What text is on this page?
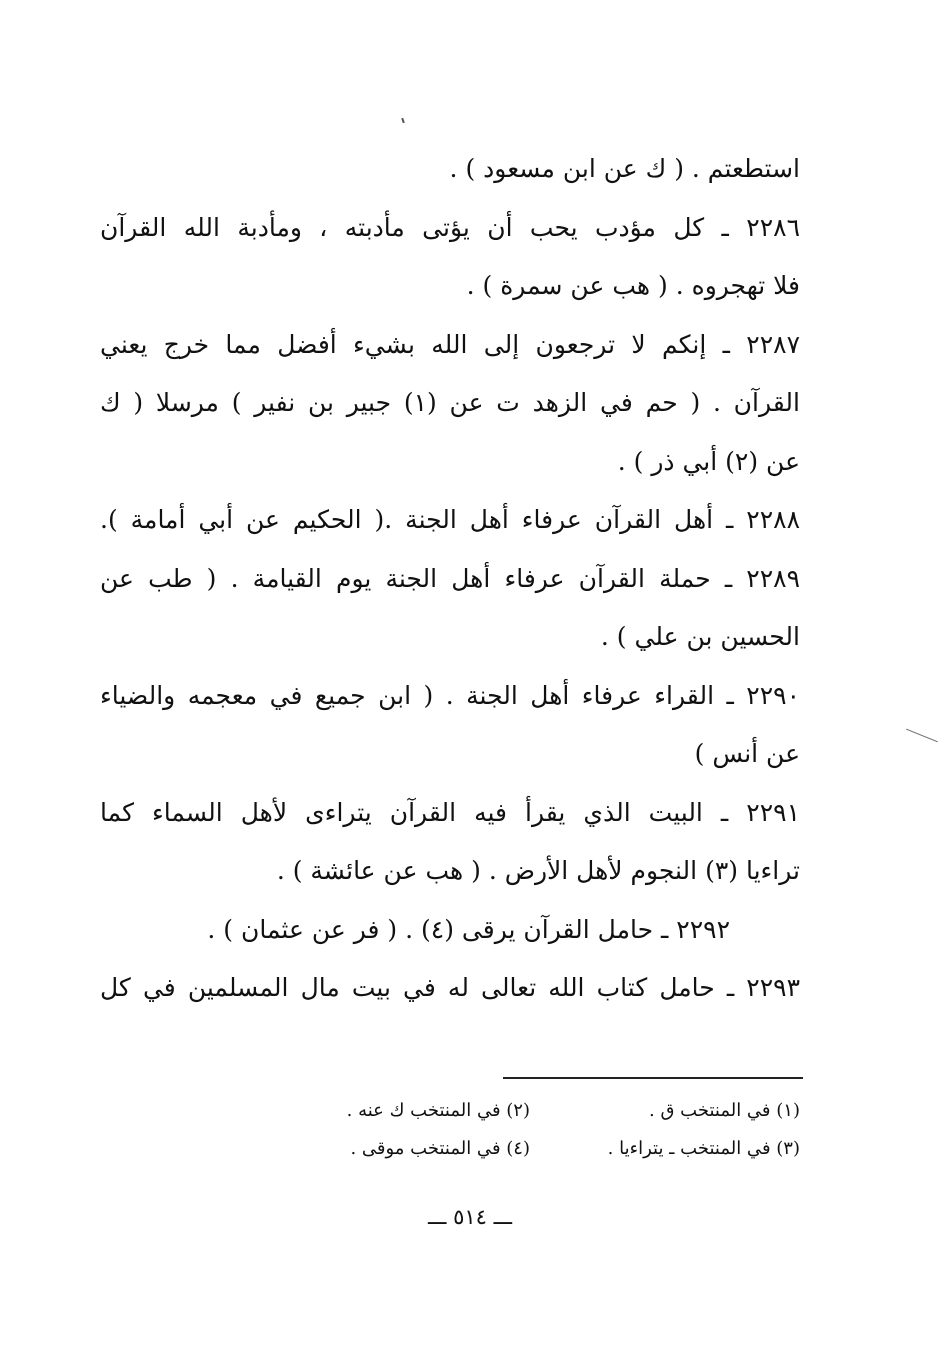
استطعتم . ( ك عن ابن مسعود ) .
٢٢٨٦ ـ كل مؤدب يحب أن يؤتى مأدبته ، ومأدبة الله القرآن
فلا تهجروه . ( هب عن سمرة ) .
٢٢٨٧ ـ إنكم لا ترجعون إلى الله بشيء أفضل مما خرج يعني
القرآن . ( حم في الزهد ت عن (١) جبير بن نفير ) مرسلا ( ك
عن (٢) أبي ذر ) .
٢٢٨٨ ـ أهل القرآن عرفاء أهل الجنة .( الحكيم عن أبي أمامة ).
٢٢٨٩ ـ حملة القرآن عرفاء أهل الجنة يوم القيامة . ( طب عن
الحسين بن علي ) .
٢٢٩٠ ـ القراء عرفاء أهل الجنة . ( ابن جميع في معجمه والضياء
عن أنس )
٢٢٩١ ـ البيت الذي يقرأ فيه القرآن يتراءى لأهل السماء كما
تراءيا (٣) النجوم لأهل الأرض . ( هب عن عائشة ) .
٢٢٩٢ ـ حامل القرآن يرقى (٤) . ( فر عن عثمان ) .
٢٢٩٣ ـ حامل كتاب الله تعالى له في بيت مال المسلمين في كل
(١) في المنتخب ق .
(٢) في المنتخب ك عنه .
(٣) في المنتخب ـ يتراءيا .
(٤) في المنتخب موقى .
ـــ ٥١٤ ـــ
